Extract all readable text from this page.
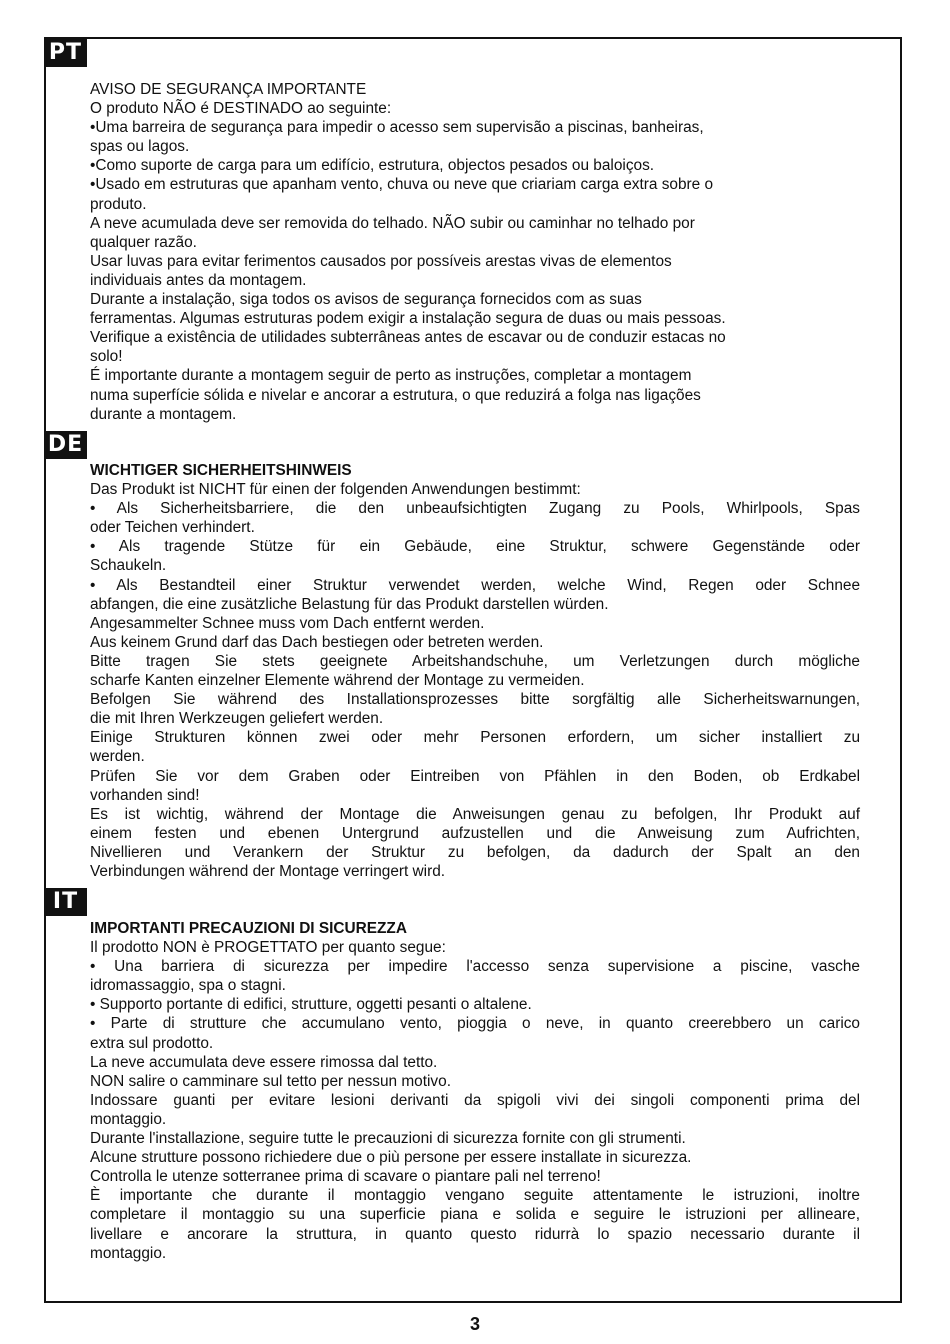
PT

AVISO DE SEGURANÇA IMPORTANTE

O produto NÃO é DESTINADO ao seguinte:

•Uma barreira de segurança para impedir o acesso sem supervisão a piscinas, banheiras,

spas ou lagos.

•Como suporte de carga para um edifício, estrutura, objectos pesados ou baloiços.

•Usado em estruturas que apanham vento, chuva ou neve que criariam carga extra sobre o

produto.

A neve acumulada deve ser removida do telhado. NÃO subir ou caminhar no telhado por

qualquer razão.

Usar luvas para evitar ferimentos causados por possíveis arestas vivas de elementos

individuais antes da montagem.

Durante a instalação, siga todos os avisos de segurança fornecidos com as suas

ferramentas. Algumas estruturas podem exigir a instalação segura de duas ou mais pessoas.

Verifique a existência de utilidades subterrâneas antes de escavar ou de conduzir estacas no

solo!

É importante durante a montagem seguir de perto as instruções, completar a montagem

numa superfície sólida e nivelar e ancorar a estrutura, o que reduzirá a folga nas ligações

durante a montagem.

DE

WICHTIGER SICHERHEITSHINWEIS

Das Produkt ist NICHT für einen der folgenden Anwendungen bestimmt:

• Als Sicherheitsbarriere, die den unbeaufsichtigten Zugang zu Pools, Whirlpools, Spas

oder Teichen verhindert.

• Als tragende Stütze für ein Gebäude, eine Struktur, schwere Gegenstände oder

Schaukeln.

• Als Bestandteil einer Struktur verwendet werden, welche Wind, Regen oder Schnee

abfangen, die eine zusätzliche Belastung für das Produkt darstellen würden.

Angesammelter Schnee muss vom Dach entfernt werden.

Aus keinem Grund darf das Dach bestiegen oder betreten werden.

Bitte tragen Sie stets geeignete Arbeitshandschuhe, um Verletzungen durch mögliche

scharfe Kanten einzelner Elemente während der Montage zu vermeiden.

Befolgen Sie während des Installationsprozesses bitte sorgfältig alle Sicherheitswarnungen,

die mit Ihren Werkzeugen geliefert werden.

Einige Strukturen können zwei oder mehr Personen erfordern, um sicher installiert zu

werden.

Prüfen Sie vor dem Graben oder Eintreiben von Pfählen in den Boden, ob Erdkabel

vorhanden sind!

Es ist wichtig, während der Montage die Anweisungen genau zu befolgen, Ihr Produkt auf

einem festen und ebenen Untergrund aufzustellen und die Anweisung zum Aufrichten,

Nivellieren und Verankern der Struktur zu befolgen, da dadurch der Spalt an den

Verbindungen während der Montage verringert wird.

IT

IMPORTANTI PRECAUZIONI DI SICUREZZA

Il prodotto NON è PROGETTATO per quanto segue:

• Una barriera di sicurezza per impedire l'accesso senza supervisione a piscine, vasche

idromassaggio, spa o stagni.

• Supporto portante di edifici, strutture, oggetti pesanti o altalene.

• Parte di strutture che accumulano vento, pioggia o neve, in quanto creerebbero un carico

extra sul prodotto.

La neve accumulata deve essere rimossa dal tetto.

NON salire o camminare sul tetto per nessun motivo.

Indossare guanti per evitare lesioni derivanti da spigoli vivi dei singoli componenti prima del

montaggio.

Durante l'installazione, seguire tutte le precauzioni di sicurezza fornite con gli strumenti.

Alcune strutture possono richiedere due o più persone per essere installate in sicurezza.

Controlla le utenze sotterranee prima di scavare o piantare pali nel terreno!

È importante che durante il montaggio vengano seguite attentamente le istruzioni, inoltre

completare il montaggio su una superficie piana e solida e seguire le istruzioni per allineare,

livellare e ancorare la struttura, in quanto questo ridurrà lo spazio necessario durante il

montaggio.

3
